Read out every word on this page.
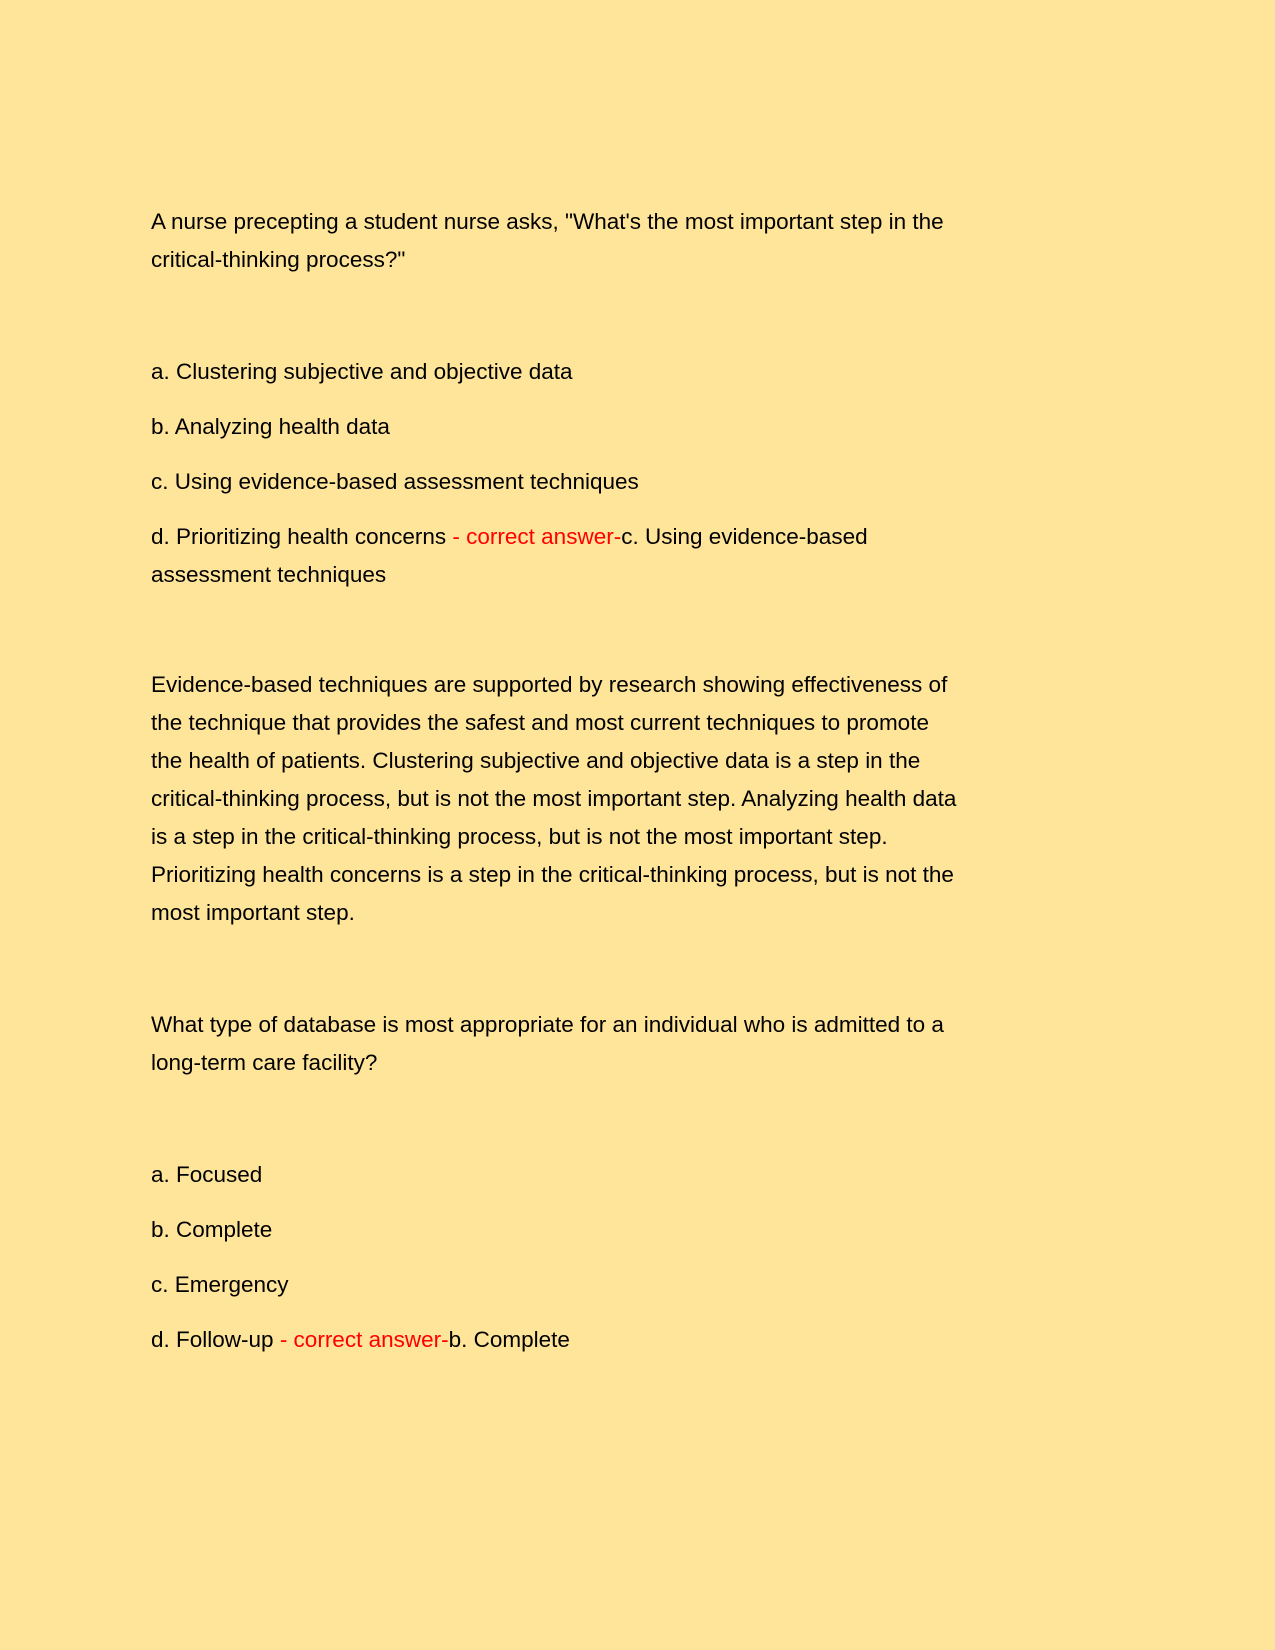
A nurse precepting a student nurse asks, "What's the most important step in the
critical-thinking process?"
a. Clustering subjective and objective data
b. Analyzing health data
c. Using evidence-based assessment techniques
d. Prioritizing health concerns - correct answer-c. Using evidence-based
assessment techniques
Evidence-based techniques are supported by research showing effectiveness of
the technique that provides the safest and most current techniques to promote
the health of patients. Clustering subjective and objective data is a step in the
critical-thinking process, but is not the most important step. Analyzing health data
is a step in the critical-thinking process, but is not the most important step.
Prioritizing health concerns is a step in the critical-thinking process, but is not the
most important step.
What type of database is most appropriate for an individual who is admitted to a
long-term care facility?
a. Focused
b. Complete
c. Emergency
d. Follow-up - correct answer-b. Complete
